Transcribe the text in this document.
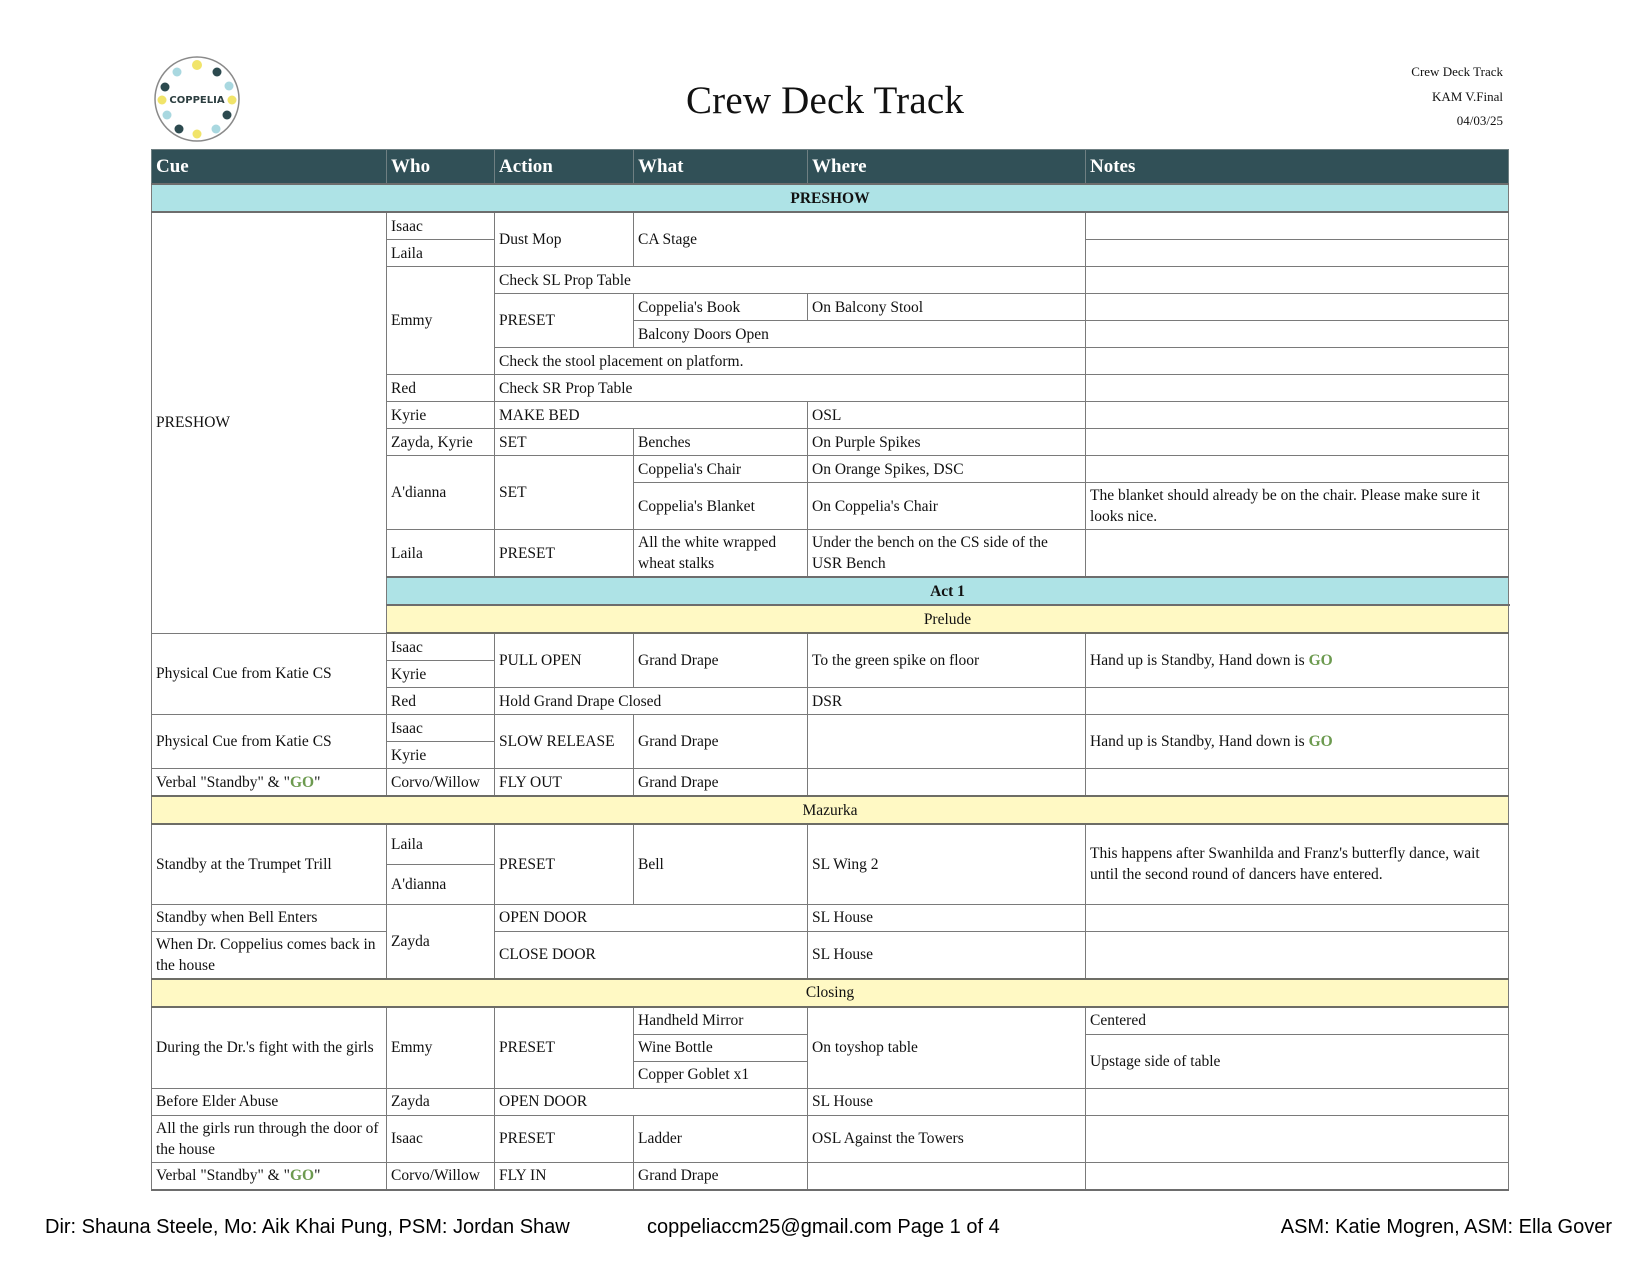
COPPELIA	Crew Deck Track
Crew Deck Track
KAM V.Final
04/03/25
Cue	Who	Action	What	Where	Notes
PRESHOW					
PRESHOW	Isaac	Dust Mop	CA Stage		
	Laila				
	Emmy	Check SL Prop Table			
		PRESET	Coppelia's Book	On Balcony Stool	
			Balcony Doors Open		
		Check the stool placement on platform.			
	Red	Check SR Prop Table			
	Kyrie	MAKE BED		OSL	
	Zayda, Kyrie	SET	Benches	On Purple Spikes	
	A'dianna	SET	Coppelia's Chair	On Orange Spikes, DSC	
			Coppelia's Blanket	On Coppelia's Chair	The blanket should already be on the chair. Please make sure it looks nice.
	Laila	PRESET	All the white wrapped wheat stalks	Under the bench on the CS side of the USR Bench	
	Act 1				
	Prelude				
Physical Cue from Katie CS	Isaac	PULL OPEN	Grand Drape	To the green spike on floor	Hand up is Standby, Hand down is GO
	Kyrie				
	Red	Hold Grand Drape Closed		DSR	
Physical Cue from Katie CS	Isaac	SLOW RELEASE	Grand Drape		Hand up is Standby, Hand down is GO
	Kyrie				
Verbal "Standby" & "GO"	Corvo/Willow	FLY OUT	Grand Drape		
Mazurka					
Standby at the Trumpet Trill	Laila	PRESET	Bell	SL Wing 2	This happens after Swanhilda and Franz's butterfly dance, wait until the second round of dancers have entered.
	A'dianna				
Standby when Bell Enters	Zayda	OPEN DOOR		SL House	
When Dr. Coppelius comes back in the house		CLOSE DOOR		SL House	
Closing					
During the Dr.'s fight with the girls	Emmy	PRESET	Handheld Mirror	On toyshop table	Centered
			Wine Bottle		Upstage side of table
			Copper Goblet x1		
Before Elder Abuse	Zayda	OPEN DOOR		SL House	
All the girls run through the door of the house	Isaac	PRESET	Ladder	OSL Against the Towers	
Verbal "Standby" & "GO"	Corvo/Willow	FLY IN	Grand Drape		
Dir: Shauna Steele, Mo: Aik Khai Pung, PSM: Jordan Shaw	coppeliaccm25@gmail.com Page 1 of 4	ASM: Katie Mogren, ASM: Ella Gover
